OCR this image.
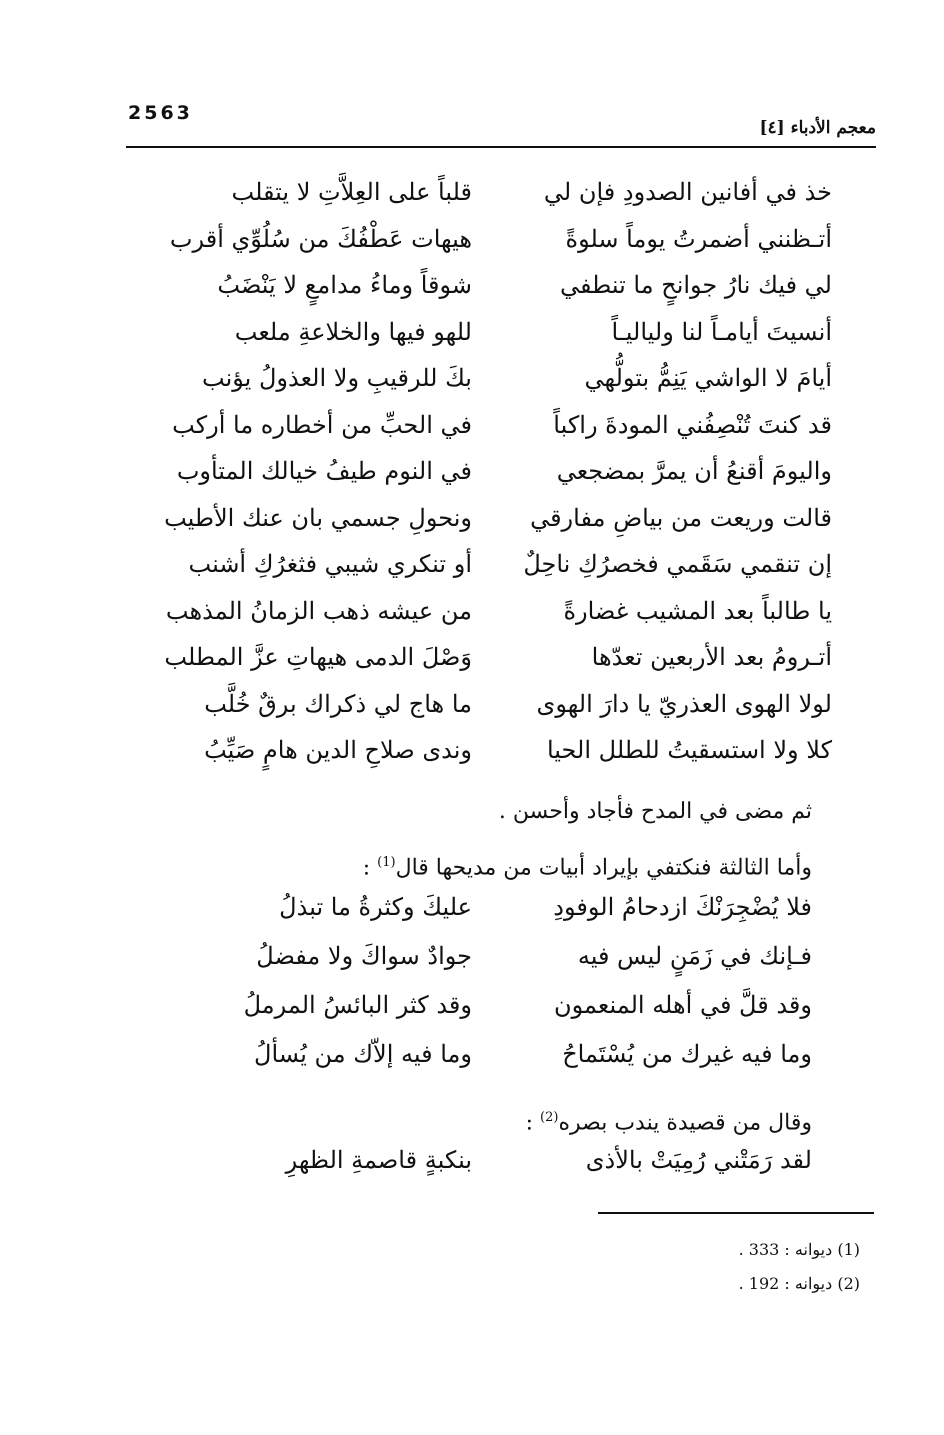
2563
معجم الأدباء [٤]
خذ في أفانين الصدودِ فإن لي
قلباً على العِلاَّتِ لا يتقلب
أتـظنني أضمرتُ يوماً سلوةً
هيهات عَطْفُكَ من سُلُوِّي أقرب
لي فيك نارُ جوانحٍ ما تنطفي
شوقاً وماءُ مدامعٍ لا يَنْضَبُ
أنسيتَ أيامـاً لنا ولياليـاً
للهو فيها والخلاعةِ ملعب
أيامَ لا الواشي يَنِمُّ بتولُّهي
بكَ للرقيبِ ولا العذولُ يؤنب
قد كنتَ تُنْصِفُني المودةَ راكباً
في الحبِّ من أخطاره ما أركب
واليومَ أقنعُ أن يمرَّ بمضجعي
في النوم طيفُ خيالك المتأوب
قالت وريعت من بياضِ مفارقي
ونحولِ جسمي بان عنك الأطيب
إن تنقمي سَقَمي فخصرُكِ ناحِلٌ
أو تنكري شيبي فثغرُكِ أشنب
يا طالباً بعد المشيب غضارةً
من عيشه ذهب الزمانُ المذهب
أتـرومُ بعد الأربعين تعدّها
وَصْلَ الدمى هيهاتِ عزَّ المطلب
لولا الهوى العذريّ يا دارَ الهوى
ما هاج لي ذكراك برقٌ خُلَّب
كلا ولا استسقيتُ للطلل الحيا
وندى صلاحِ الدين هامٍ صَيِّبُ
ثم مضى في المدح فأجاد وأحسن .
وأما الثالثة فنكتفي بإيراد أبيات من مديحها قال$^{(1)}$ :
فلا يُضْجِرَنْكَ ازدحامُ الوفودِ
عليكَ وكثرةُ ما تبذلُ
فـإنك في زَمَنٍ ليس فيه
جوادٌ سواكَ ولا مفضلُ
وقد قلَّ في أهله المنعمون
وقد كثر البائسُ المرملُ
وما فيه غيرك من يُسْتَماحُ
وما فيه إلاّك من يُسألُ
وقال من قصيدة يندب بصره$^{(2)}$ :
لقد رَمَتْني رُمِيَتْ بالأذى
بنكبةٍ قاصمةِ الظهرِ
(1) ديوانه : 333 .
(2) ديوانه : 192 .
